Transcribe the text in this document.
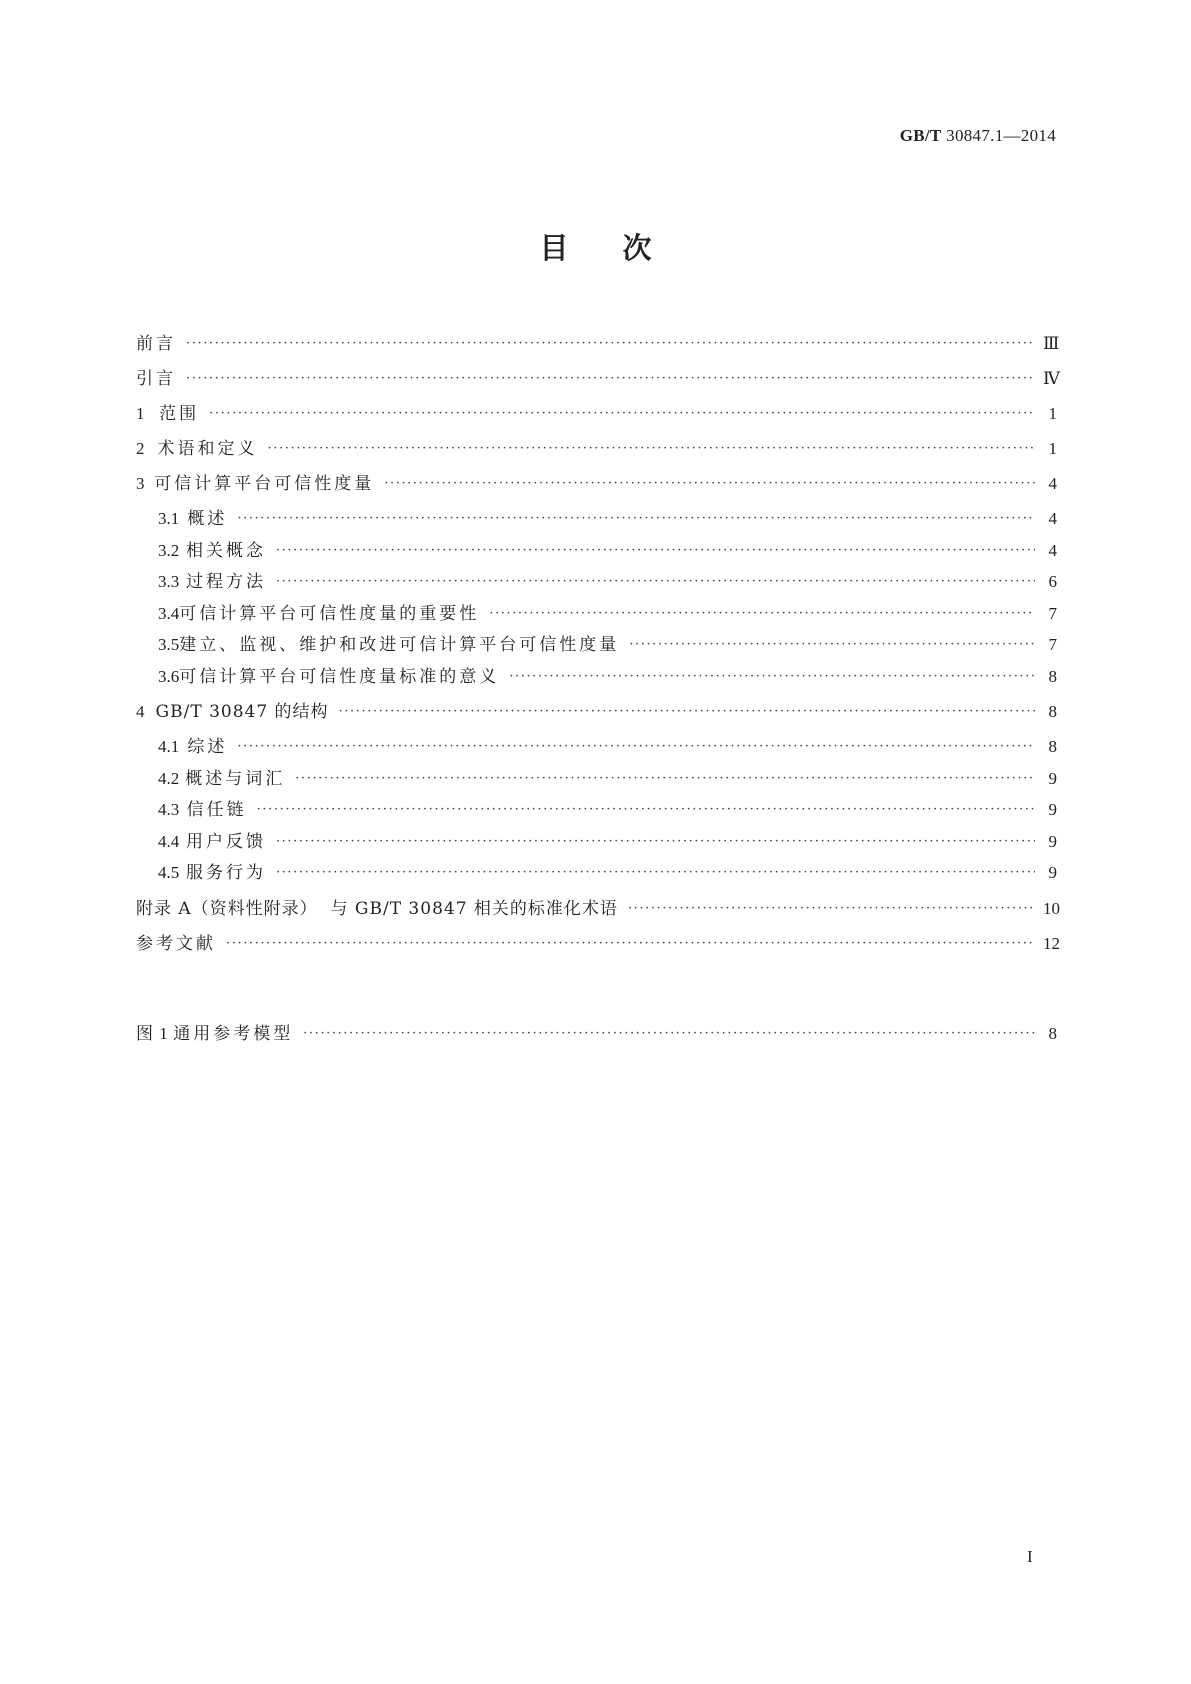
GB/T 30847.1—2014
目次
前言 ·····	Ⅲ
引言 ·····	Ⅳ
1 范围 ·····	1
2 术语和定义 ·····	1
3 可信计算平台可信性度量 ·····	4
3.1 概述 ·····	4
3.2 相关概念 ·····	4
3.3 过程方法 ·····	6
3.4 可信计算平台可信性度量的重要性 ·····	7
3.5 建立、监视、维护和改进可信计算平台可信性度量 ·····	7
3.6 可信计算平台可信性度量标准的意义 ·····	8
4 GB/T 30847 的结构 ·····	8
4.1 综述 ·····	8
4.2 概述与词汇 ·····	9
4.3 信任链 ·····	9
4.4 用户反馈 ·····	9
4.5 服务行为 ·····	9
附录 A（资料性附录）  与 GB/T 30847 相关的标准化术语 ·····	10
参考文献 ·····	12
图 1 通用参考模型 ·····	8
I
